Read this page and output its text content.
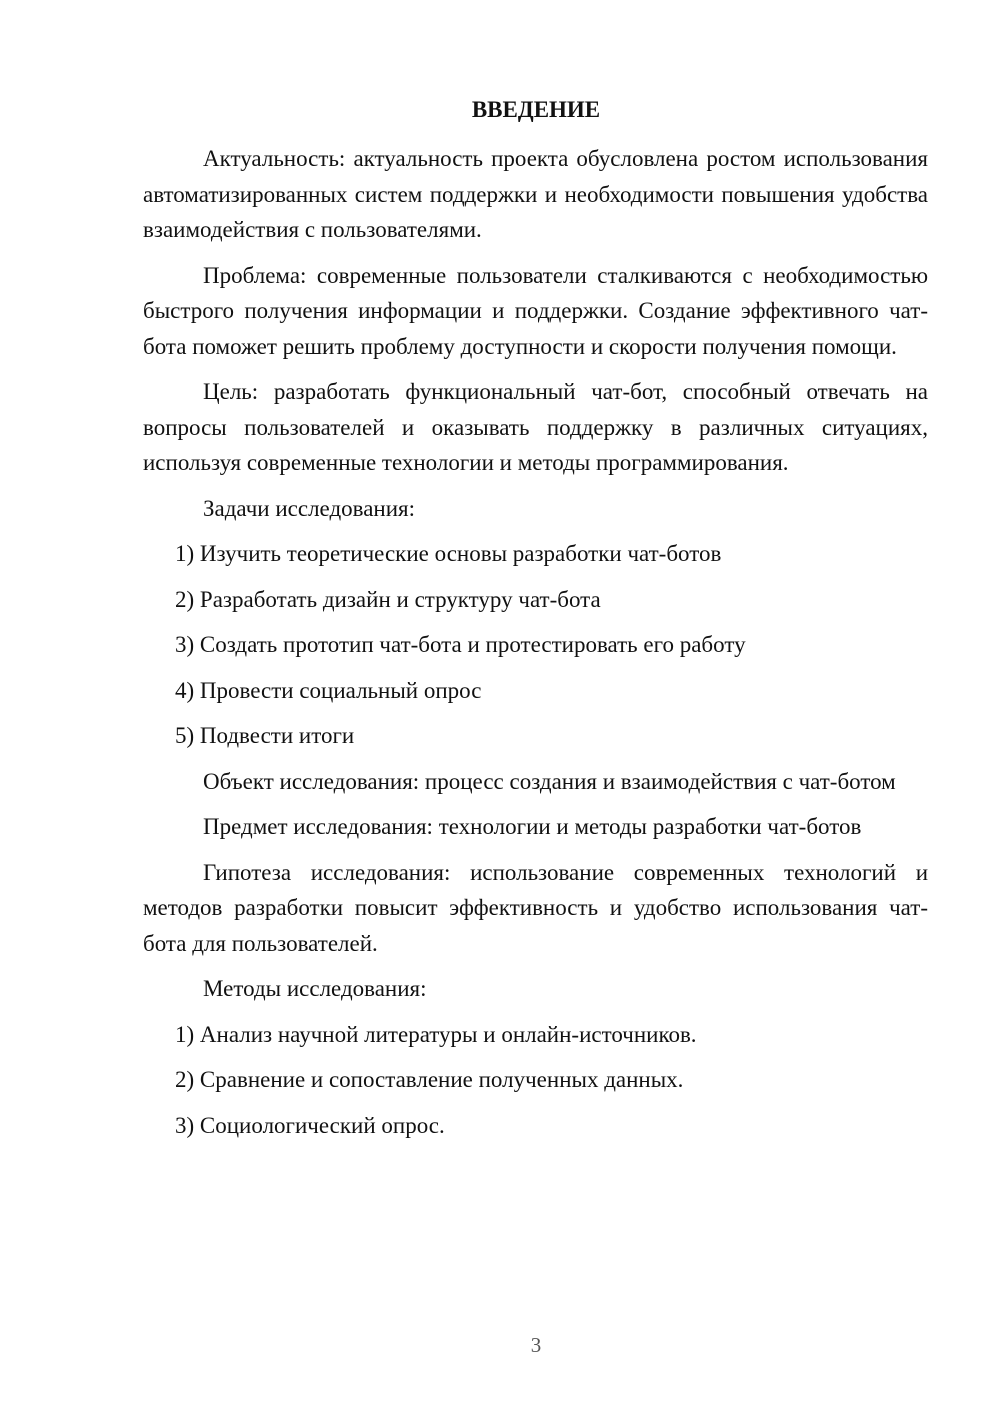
ВВЕДЕНИЕ

Актуальность: актуальность проекта обусловлена ростом использования автоматизированных систем поддержки и необходимости повышения удобства взаимодействия с пользователями.

Проблема: современные пользователи сталкиваются с необходимостью быстрого получения информации и поддержки. Создание эффективного чат-бота поможет решить проблему доступности и скорости получения помощи.

Цель: разработать функциональный чат-бот, способный отвечать на вопросы пользователей и оказывать поддержку в различных ситуациях, используя современные технологии и методы программирования.

Задачи исследования:

1) Изучить теоретические основы разработки чат-ботов

2) Разработать дизайн и структуру чат-бота

3) Создать прототип чат-бота и протестировать его работу

4) Провести социальный опрос

5) Подвести итоги

Объект исследования: процесс создания и взаимодействия с чат-ботом

Предмет исследования: технологии и методы разработки чат-ботов

Гипотеза исследования: использование современных технологий и методов разработки повысит эффективность и удобство использования чат-бота для пользователей.

Методы исследования:

1) Анализ научной литературы и онлайн-источников.

2) Сравнение и сопоставление полученных данных.

3) Социологический опрос.

3
